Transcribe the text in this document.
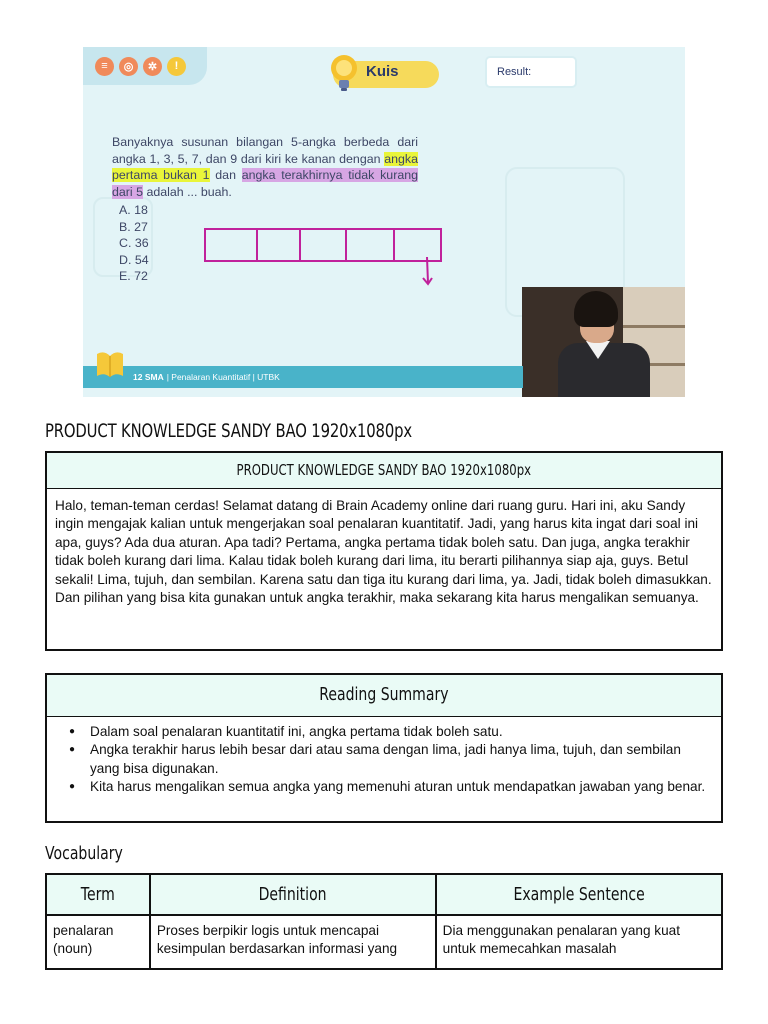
≡	◎	✲	!	Kuis	Result:
Banyaknya susunan bilangan 5-angka berbeda dari angka 1, 3, 5, 7, dan 9 dari kiri ke kanan dengan angka pertama bukan 1 dan angka terakhirnya tidak kurang dari 5 adalah ... buah.
A. 18
B. 27
C. 36
D. 54
E. 72
12 SMA | Penalaran Kuantitatif | UTBK
PRODUCT KNOWLEDGE SANDY BAO 1920x1080px
PRODUCT KNOWLEDGE SANDY BAO 1920x1080px
Halo, teman-teman cerdas! Selamat datang di Brain Academy online dari ruang guru. Hari ini, aku Sandy ingin mengajak kalian untuk mengerjakan soal penalaran kuantitatif. Jadi, yang harus kita ingat dari soal ini apa, guys? Ada dua aturan. Apa tadi? Pertama, angka pertama tidak boleh satu. Dan juga, angka terakhir tidak boleh kurang dari lima. Kalau tidak boleh kurang dari lima, itu berarti pilihannya siap aja, guys. Betul sekali! Lima, tujuh, dan sembilan. Karena satu dan tiga itu kurang dari lima, ya. Jadi, tidak boleh dimasukkan. Dan pilihan yang bisa kita gunakan untuk angka terakhir, maka sekarang kita harus mengalikan semuanya.
Reading Summary
● Dalam soal penalaran kuantitatif ini, angka pertama tidak boleh satu.
● Angka terakhir harus lebih besar dari atau sama dengan lima, jadi hanya lima, tujuh, dan sembilan yang bisa digunakan.
● Kita harus mengalikan semua angka yang memenuhi aturan untuk mendapatkan jawaban yang benar.
Vocabulary
Term	Definition	Example Sentence
penalaran (noun)	Proses berpikir logis untuk mencapai kesimpulan berdasarkan informasi yang	Dia menggunakan penalaran yang kuat untuk memecahkan masalah
